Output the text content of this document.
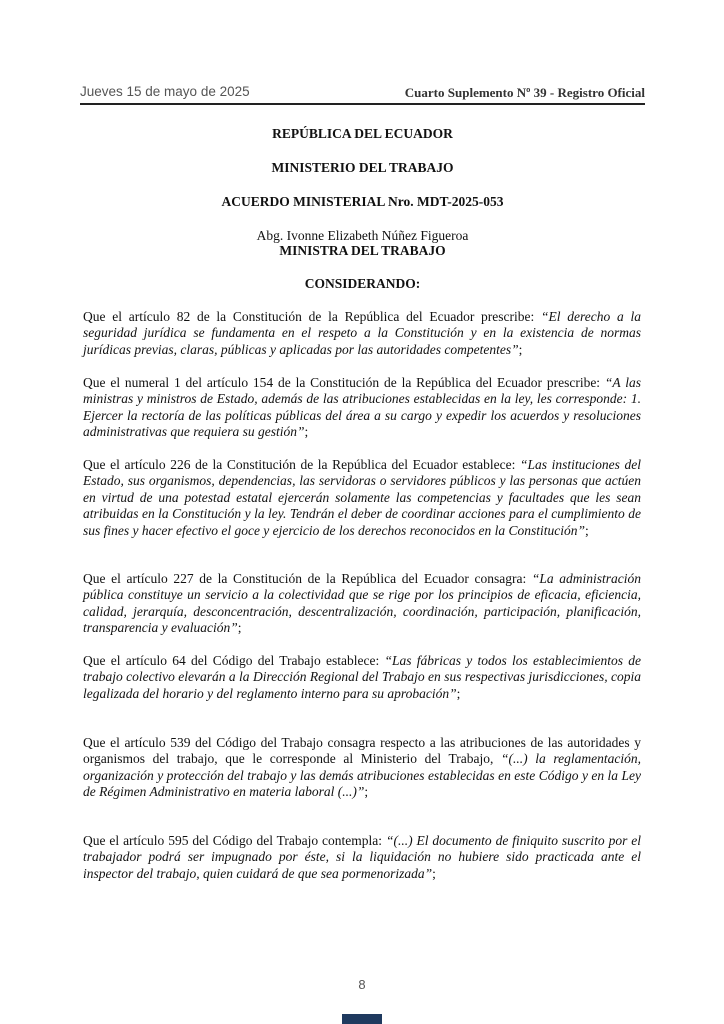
Jueves 15 de mayo de 2025	Cuarto Suplemento Nº 39 - Registro Oficial
REPÚBLICA DEL ECUADOR
MINISTERIO DEL TRABAJO
ACUERDO MINISTERIAL Nro. MDT-2025-053
Abg. Ivonne Elizabeth Núñez Figueroa
MINISTRA DEL TRABAJO
CONSIDERANDO:

Que el artículo 82 de la Constitución de la República del Ecuador prescribe: “El derecho a la seguridad jurídica se fundamenta en el respeto a la Constitución y en la existencia de normas jurídicas previas, claras, públicas y aplicadas por las autoridades competentes”;

Que el numeral 1 del artículo 154 de la Constitución de la República del Ecuador prescribe: “A las ministras y ministros de Estado, además de las atribuciones establecidas en la ley, les corresponde: 1. Ejercer la rectoría de las políticas públicas del área a su cargo y expedir los acuerdos y resoluciones administrativas que requiera su gestión”;

Que el artículo 226 de la Constitución de la República del Ecuador establece: “Las instituciones del Estado, sus organismos, dependencias, las servidoras o servidores públicos y las personas que actúen en virtud de una potestad estatal ejercerán solamente las competencias y facultades que les sean atribuidas en la Constitución y la ley. Tendrán el deber de coordinar acciones para el cumplimiento de sus fines y hacer efectivo el goce y ejercicio de los derechos reconocidos en la Constitución”;

Que el artículo 227 de la Constitución de la República del Ecuador consagra: “La administración pública constituye un servicio a la colectividad que se rige por los principios de eficacia, eficiencia, calidad, jerarquía, desconcentración, descentralización, coordinación, participación, planificación, transparencia y evaluación”;

Que el artículo 64 del Código del Trabajo establece: “Las fábricas y todos los establecimientos de trabajo colectivo elevarán a la Dirección Regional del Trabajo en sus respectivas jurisdicciones, copia legalizada del horario y del reglamento interno para su aprobación”;

Que el artículo 539 del Código del Trabajo consagra respecto a las atribuciones de las autoridades y organismos del trabajo, que le corresponde al Ministerio del Trabajo, “(...) la reglamentación, organización y protección del trabajo y las demás atribuciones establecidas en este Código y en la Ley de Régimen Administrativo en materia laboral (...)”;

Que el artículo 595 del Código del Trabajo contempla: “(...) El documento de finiquito suscrito por el trabajador podrá ser impugnado por éste, si la liquidación no hubiere sido practicada ante el inspector del trabajo, quien cuidará de que sea pormenorizada”;

8
